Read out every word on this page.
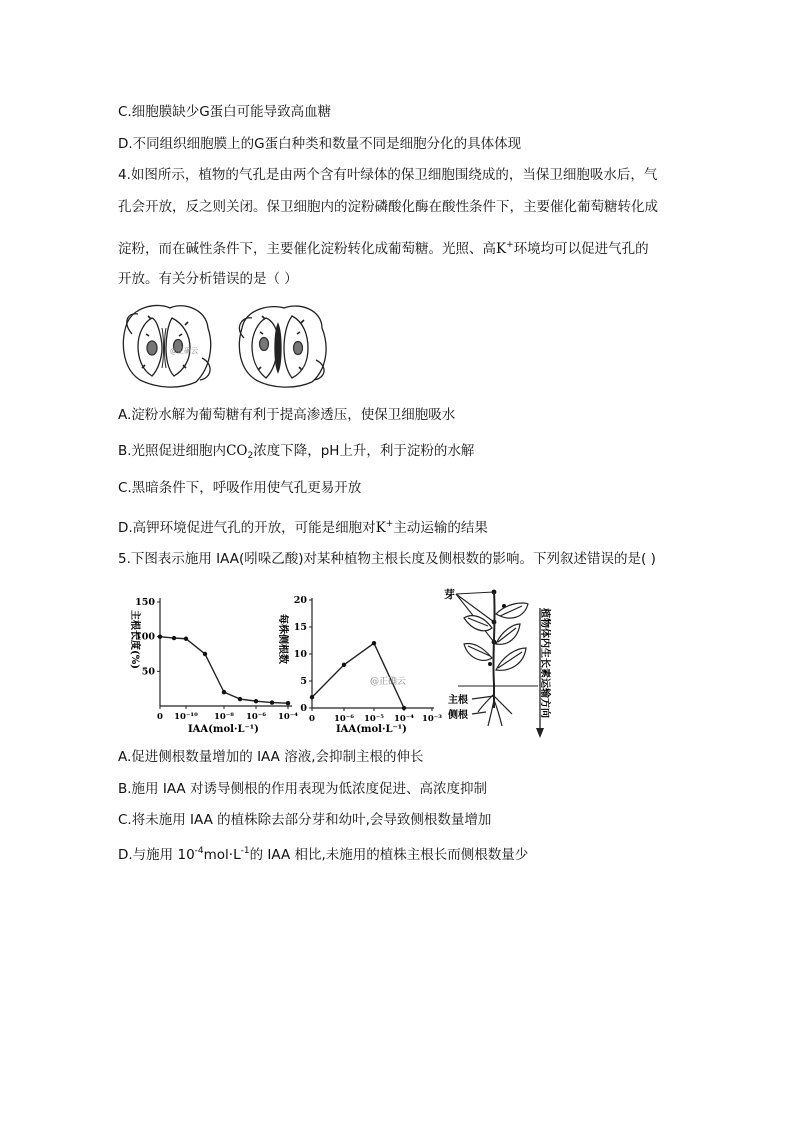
C.细胞膜缺少G蛋白可能导致高血糖
D.不同组织细胞膜上的G蛋白种类和数量不同是细胞分化的具体体现
4.如图所示，植物的气孔是由两个含有叶绿体的保卫细胞围绕成的，当保卫细胞吸水后，气
孔会开放，反之则关闭。保卫细胞内的淀粉磷酸化酶在酸性条件下，主要催化葡萄糖转化成
淀粉，而在碱性条件下，主要催化淀粉转化成葡萄糖。光照、高K+环境均可以促进气孔的
开放。有关分析错误的是（ ）
@正确云
A.淀粉水解为葡萄糖有利于提高渗透压，使保卫细胞吸水
B.光照促进细胞内$CO_2$浓度下降，pH上升，利于淀粉的水解
C.黑暗条件下，呼吸作用使气孔更易开放
D.高钾环境促进气孔的开放，可能是细胞对K+主动运输的结果
5.下图表示施用 IAA(吲哚乙酸)对某种植物主根长度及侧根数的影响。下列叙述错误的是( )
主根长度(%)
50
100
150
0 10⁻¹⁰ 10⁻⁸ 10⁻⁶ 10⁻⁴
IAA(mol·L⁻¹)
每株侧根数
0
5
10
15
20
0 10⁻⁶ 10⁻⁵ 10⁻⁴ 10⁻³
@正确云
IAA(mol·L⁻¹)
芽
主根
侧根	植物体内生长素运输方向
A.促进侧根数量增加的 IAA 溶液,会抑制主根的伸长
B.施用 IAA 对诱导侧根的作用表现为低浓度促进、高浓度抑制
C.将未施用 IAA 的植株除去部分芽和幼叶,会导致侧根数量增加
D.与施用 $10^{-4}mol\cdot L^{-1}$的 IAA 相比,未施用的植株主根长而侧根数量少
